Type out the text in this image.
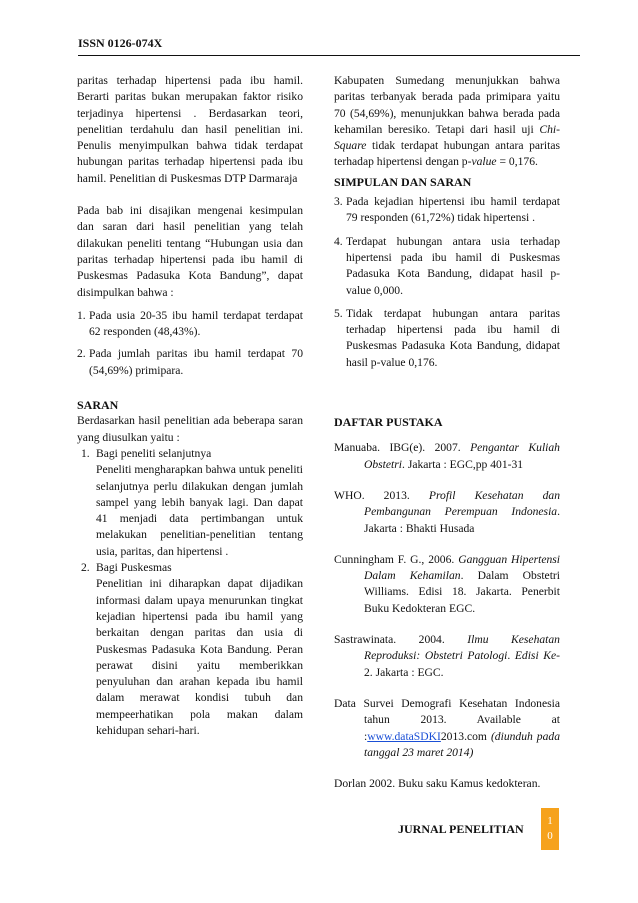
ISSN 0126-074X

paritas terhadap hipertensi pada ibu hamil. Berarti paritas bukan merupakan faktor risiko terjadinya hipertensi . Berdasarkan teori, penelitian terdahulu dan hasil penelitian ini. Penulis menyimpulkan bahwa tidak terdapat hubungan paritas terhadap hipertensi pada ibu hamil. Penelitian di Puskesmas DTP Darmaraja

Pada bab ini disajikan mengenai kesimpulan dan saran dari hasil penelitian yang telah dilakukan peneliti tentang “Hubungan usia dan paritas terhadap hipertensi pada ibu hamil di Puskesmas Padasuka Kota Bandung”, dapat disimpulkan bahwa :

1. Pada usia 20-35 ibu hamil terdapat terdapat 62 responden (48,43%).
2. Pada jumlah paritas ibu hamil terdapat 70 (54,69%) primipara.
SARAN

Berdasarkan hasil penelitian ada beberapa saran yang diusulkan yaitu :

1. Bagi peneliti selanjutnya
Peneliti mengharapkan bahwa untuk peneliti selanjutnya perlu dilakukan dengan jumlah sampel yang lebih banyak lagi. Dan dapat 41 menjadi data pertimbangan untuk melakukan penelitian-penelitian tentang usia, paritas, dan hipertensi .
2. Bagi Puskesmas
Penelitian ini diharapkan dapat dijadikan informasi dalam upaya menurunkan tingkat kejadian hipertensi pada ibu hamil yang berkaitan dengan paritas dan usia di Puskesmas Padasuka Kota Bandung. Peran perawat disini yaitu memberikkan penyuluhan dan arahan kepada ibu hamil dalam merawat kondisi tubuh dan mempeerhatikan pola makan dalam kehidupan sehari-hari.

Kabupaten Sumedang menunjukkan bahwa paritas terbanyak berada pada primipara yaitu 70 (54,69%), menunjukkan bahwa berada pada kehamilan beresiko. Tetapi dari hasil uji Chi-Square tidak terdapat hubungan antara paritas terhadap hipertensi dengan p-value = 0,176.

SIMPULAN DAN SARAN
3. Pada kejadian hipertensi ibu hamil terdapat 79 responden (61,72%) tidak hipertensi .
4. Terdapat hubungan antara usia terhadap hipertensi pada ibu hamil di Puskesmas Padasuka Kota Bandung, didapat hasil p-value 0,000.
5. Tidak terdapat hubungan antara paritas terhadap hipertensi pada ibu hamil di Puskesmas Padasuka Kota Bandung, didapat hasil p-value 0,176.
DAFTAR PUSTAKA
Manuaba. IBG(e). 2007. Pengantar Kuliah Obstetri. Jakarta : EGC,pp 401-31
WHO. 2013. Profil Kesehatan dan Pembangunan Perempuan Indonesia. Jakarta : Bhakti Husada
Cunningham F. G., 2006. Gangguan Hipertensi Dalam Kehamilan. Dalam Obstetri Williams. Edisi 18. Jakarta. Penerbit Buku Kedokteran EGC.
Sastrawinata. 2004. Ilmu Kesehatan Reproduksi: Obstetri Patologi. Edisi Ke-2. Jakarta : EGC.
Data Survei Demografi Kesehatan Indonesia tahun 2013. Available at :www.dataSDKI2013.com (diunduh pada tanggal 23 maret 2014)
Dorlan 2002. Buku saku Kamus kedokteran.
JURNAL PENELITIAN
1
0
